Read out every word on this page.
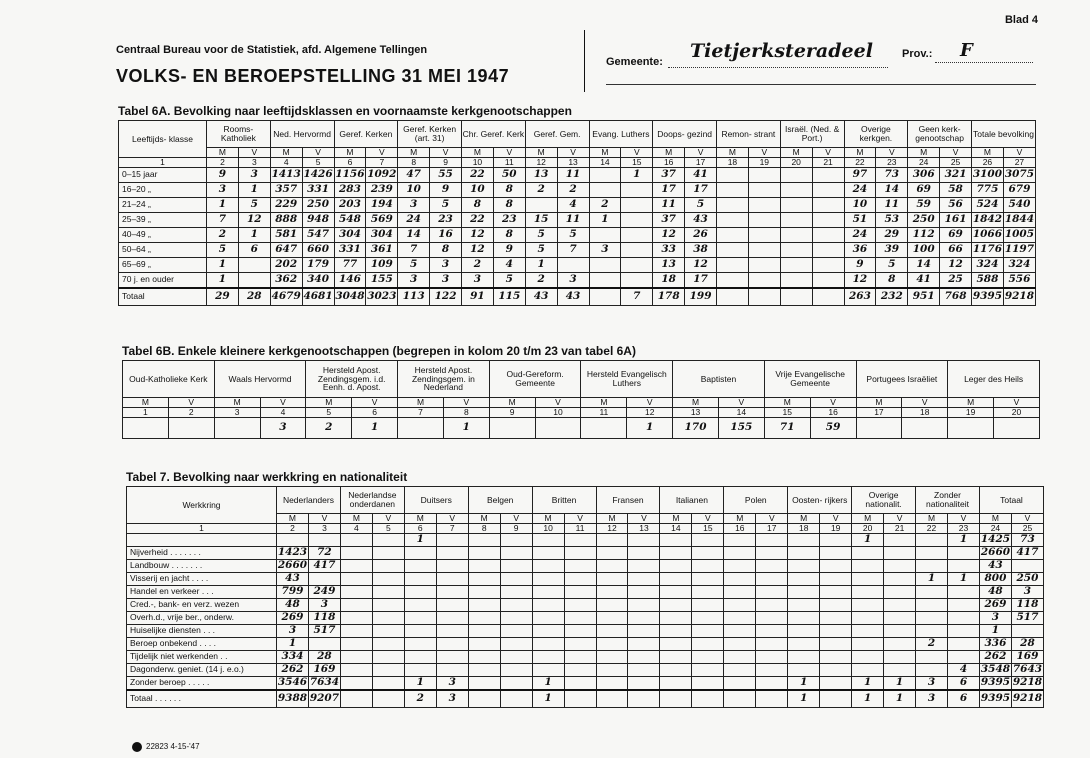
Blad 4
Centraal Bureau voor de Statistiek, afd. Algemene Tellingen
VOLKS- EN BEROEPSTELLING 31 MEI 1947
Gemeente: Tietjerksteradeel	Prov.: F
Tabel 6A. Bevolking naar leeftijdsklassen en voornaamste kerkgenootschappen
Leeftijds- klasse	Rooms- Katholiek		Ned. Hervormd		Geref. Kerken		Geref. Kerken (art. 31)		Chr. Geref. Kerk		Geref. Gem.		Evang. Luthers		Doops- gezind		Remon- strant		Israël. (Ned. & Port.)		Overige kerkgen.		Geen kerk- genootschap		Totale bevolking	
	M	V	M	V	M	V	M	V	M	V	M	V	M	V	M	V	M	V	M	V	M	V	M	V	M	V
1	2	3	4	5	6	7	8	9	10	11	12	13	14	15	16	17	18	19	20	21	22	23	24	25	26	27
0–15 jaar	9	3	1413	1426	1156	1092	47	55	22	50	13	11		1	37	41					97	73	306	321	3100	3075
16–20 „	3	1	357	331	283	239	10	9	10	8	2	2			17	17					24	14	69	58	775	679
21–24 „	1	5	229	250	203	194	3	5	8	8		4	2		11	5					10	11	59	56	524	540
25–39 „	7	12	888	948	548	569	24	23	22	23	15	11	1		37	43					51	53	250	161	1842	1844
40–49 „	2	1	581	547	304	304	14	16	12	8	5	5			12	26					24	29	112	69	1066	1005
50–64 „	5	6	647	660	331	361	7	8	12	9	5	7	3		33	38					36	39	100	66	1176	1197
65–69 „	1		202	179	77	109	5	3	2	4	1				13	12					9	5	14	12	324	324
70 j. en ouder	1		362	340	146	155	3	3	3	5	2	3			18	17					12	8	41	25	588	556
Totaal	29	28	4679	4681	3048	3023	113	122	91	115	43	43		7	178	199					263	232	951	768	9395	9218
Tabel 6B. Enkele kleinere kerkgenootschappen (begrepen in kolom 20 t/m 23 van tabel 6A)
Oud-Katholieke Kerk		Waals Hervormd		Hersteld Apost. Zendingsgem. i.d. Eenh. d. Apost.		Hersteld Apost. Zendingsgem. in Nederland		Oud-Gereform. Gemeente		Hersteld Evangelisch Luthers		Baptisten		Vrije Evangelische Gemeente		Portugees Israëliet		Leger des Heils	
M	V	M	V	M	V	M	V	M	V	M	V	M	V	M	V	M	V	M	V
1	2	3	4	5	6	7	8	9	10	11	12	13	14	15	16	17	18	19	20
			3	2	1		1				1	170	155	71	59				
Tabel 7. Bevolking naar werkkring en nationaliteit
Werkkring	Nederlanders		Nederlandse onderdanen		Duitsers		Belgen		Britten		Fransen		Italianen		Polen		Oosten- rijkers		Overige nationalit.		Zonder nationaliteit		Totaal	
	M	V	M	V	M	V	M	V	M	V	M	V	M	V	M	V	M	V	M	V	M	V	M	V
1	2	3	4	5	6	7	8	9	10	11	12	13	14	15	16	17	18	19	20	21	22	23	24	25
					1														1			1	1425	73
Nijverheid . . . . . . .	1423	72																					2660	417
Landbouw . . . . . . .	2660	417																					43	
Visserij en jacht . . . .	43																				1	1	800	250
Handel en verkeer . . .	799	249																					48	3
Cred.-, bank- en verz. wezen	48	3																					269	118
Overh.d., vrije ber., onderw.	269	118																					3	517
Huiselijke diensten . . .	3	517																					1	
Beroep onbekend . . . .	1																				2		336	28
Tijdelijk niet werkenden . .	334	28																					262	169
Dagonderw. geniet. (14 j. e.o.)	262	169																				4	3548	7643
Zonder beroep . . . . .	3546	7634			1	3			1								1		1	1	3	6	9395	9218
Totaal . . . . . .	9388	9207			2	3			1								1		1	1	3	6	9395	9218
22823 4-15-'47
